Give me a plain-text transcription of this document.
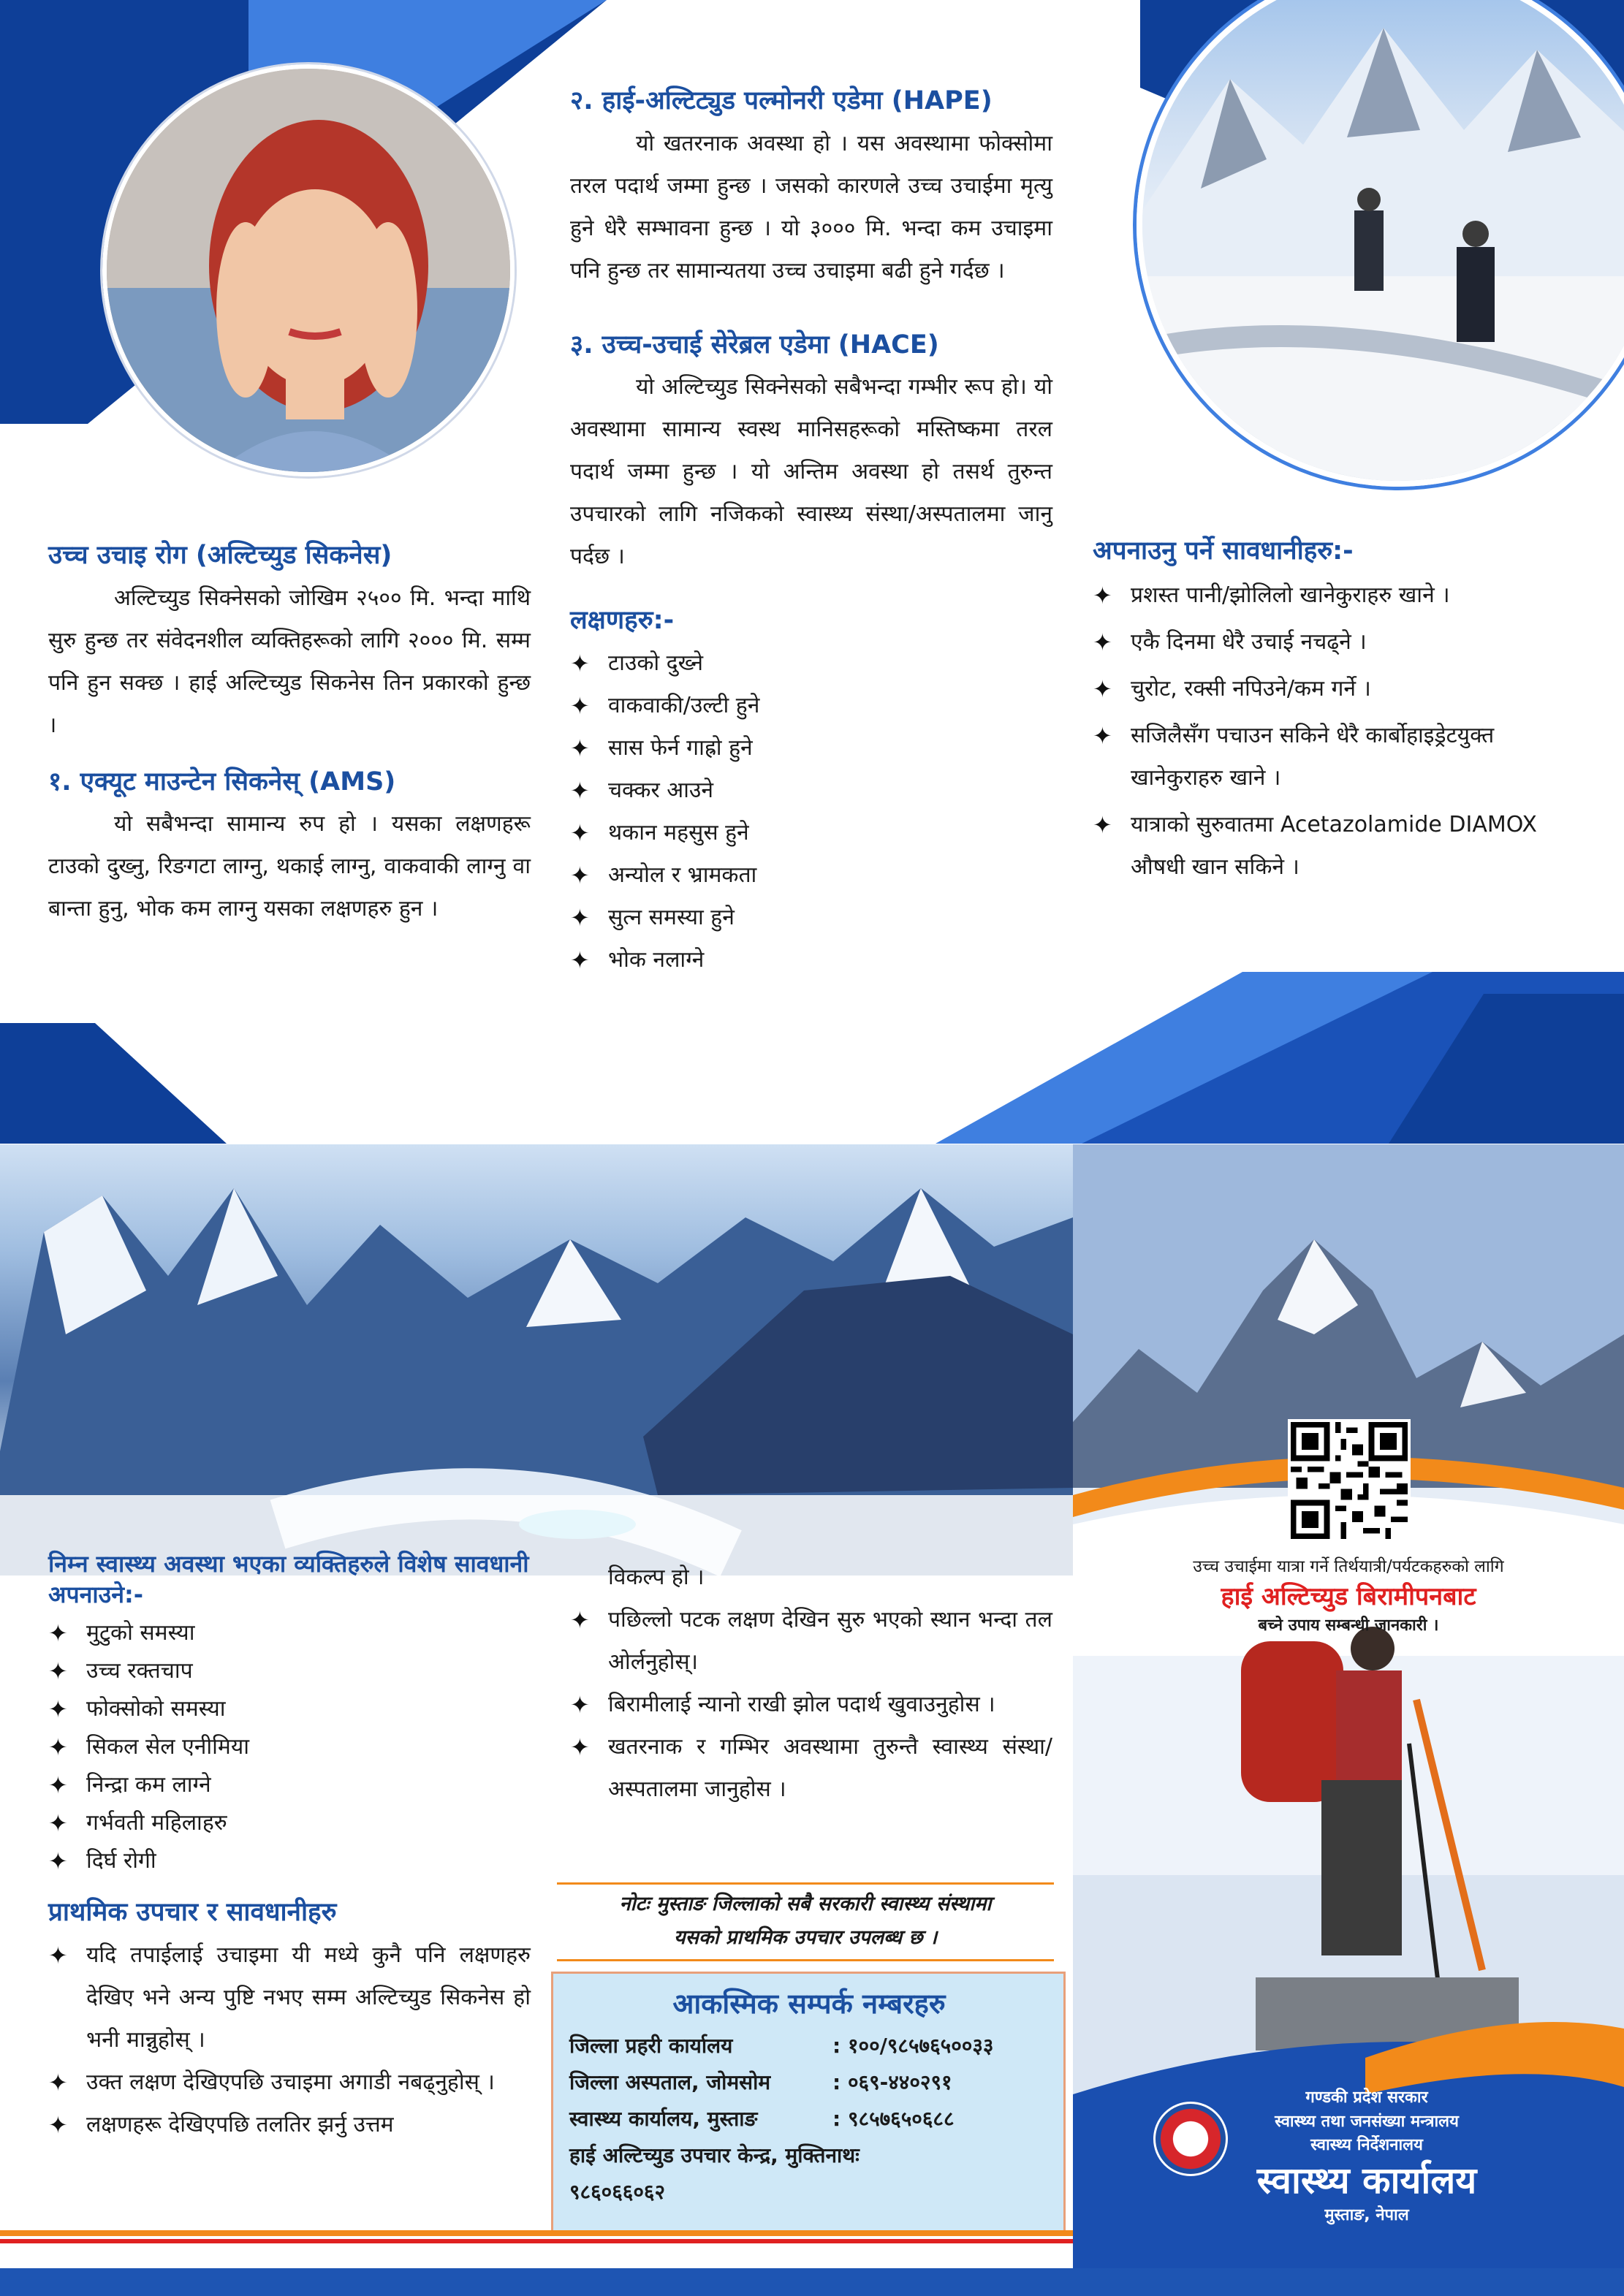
उच्च उचाइ रोग (अल्टिच्युड सिकनेस)

अल्टिच्युड सिक्नेसको जोखिम २५०० मि. भन्दा माथि सुरु हुन्छ तर संवेदनशील व्यक्तिहरूको लागि २००० मि. सम्म पनि हुन सक्छ । हाई अल्टिच्युड सिकनेस तिन प्रकारको हुन्छ ।

१. एक्यूट माउन्टेन सिकनेस् (AMS)

यो सबैभन्दा सामान्य रुप हो । यसका लक्षणहरू टाउको दुख्नु, रिङगटा लाग्नु, थकाई लाग्नु, वाकवाकी लाग्नु वा बान्ता हुनु, भोक कम लाग्नु यसका लक्षणहरु हुन ।

२. हाई-अल्टिट्युड पल्मोनरी एडेमा (HAPE)

यो खतरनाक अवस्था हो । यस अवस्थामा फोक्सोमा तरल पदार्थ जम्मा हुन्छ । जसको कारणले उच्च उचाईमा मृत्यु हुने धेरै सम्भावना हुन्छ । यो ३००० मि. भन्दा कम उचाइमा पनि हुन्छ तर सामान्यतया उच्च उचाइमा बढी हुने गर्दछ ।

३. उच्च-उचाई सेरेब्रल एडेमा (HACE)

यो अल्टिच्युड सिक्नेसको सबैभन्दा गम्भीर रूप हो। यो अवस्थामा सामान्य स्वस्थ मानिसहरूको मस्तिष्कमा तरल पदार्थ जम्मा हुन्छ । यो अन्तिम अवस्था हो तसर्थ तुरुन्त उपचारको लागि नजिकको स्वास्थ्य संस्था/अस्पतालमा जानु पर्दछ ।

लक्षणहरु:-
✦ टाउको दुख्ने
✦ वाकवाकी/उल्टी हुने
✦ सास फेर्न गाह्रो हुने
✦ चक्कर आउने
✦ थकान महसुस हुने
✦ अन्योल र भ्रामकता
✦ सुत्न समस्या हुने
✦ भोक नलाग्ने
अपनाउनु पर्ने सावधानीहरु:-
✦ प्रशस्त पानी/झोलिलो खानेकुराहरु खाने ।
✦ एकै दिनमा धेरै उचाई नचढ्ने ।
✦ चुरोट, रक्सी नपिउने/कम गर्ने ।
✦ सजिलैसँग पचाउन सकिने धेरै कार्बोहाइड्रेटयुक्त खानेकुराहरु खाने ।
✦ यात्राको सुरुवातमा Acetazolamide DIAMOX औषधी खान सकिने ।
निम्न स्वास्थ्य अवस्था भएका व्यक्तिहरुले विशेष सावधानी अपनाउने:-
✦ मुटुको समस्या
✦ उच्च रक्तचाप
✦ फोक्सोको समस्या
✦ सिकल सेल एनीमिया
✦ निन्द्रा कम लाग्ने
✦ गर्भवती महिलाहरु
✦ दिर्घ रोगी
प्राथमिक उपचार र सावधानीहरु
✦ यदि तपाईलाई उचाइमा यी मध्ये कुनै पनि लक्षणहरु देखिए भने अन्य पुष्टि नभए सम्म अल्टिच्युड सिकनेस हो भनी मान्नुहोस् ।
✦ उक्त लक्षण देखिएपछि उचाइमा अगाडी नबढ्नुहोस् ।
✦ लक्षणहरू देखिएपछि तलतिर झर्नु उत्तम

विकल्प हो ।

✦ पछिल्लो पटक लक्षण देखिन सुरु भएको स्थान भन्दा तल ओर्लनुहोस्।
✦ बिरामीलाई न्यानो राखी झोल पदार्थ खुवाउनुहोस ।
✦ खतरनाक र गम्भिर अवस्थामा तुरुन्तै स्वास्थ्य संस्था/अस्पतालमा जानुहोस ।
नोटः मुस्ताङ जिल्लाको सबै सरकारी स्वास्थ्य संस्थामा
यसको प्राथमिक उपचार उपलब्ध छ ।
आकस्मिक सम्पर्क नम्बरहरु
जिल्ला प्रहरी कार्यालय	: १००/९८५७६५००३३
जिल्ला अस्पताल, जोमसोम	: ०६९-४४०२९१
स्वास्थ्य कार्यालय, मुस्ताङ	: ९८५७६५०६८८
हाई अल्टिच्युड उपचार केन्द्र, मुक्तिनाथः
९८६०६६०६२
उच्च उचाईमा यात्रा गर्ने तिर्थयात्री/पर्यटकहरुको लागि
हाई अल्टिच्युड बिरामीपनबाट
बच्ने उपाय सम्बन्धी जानकारी ।
गण्डकी प्रदेश सरकार
स्वास्थ्य तथा जनसंख्या मन्त्रालय
स्वास्थ्य निर्देशनालय
स्वास्थ्य कार्यालय
मुस्ताङ, नेपाल
